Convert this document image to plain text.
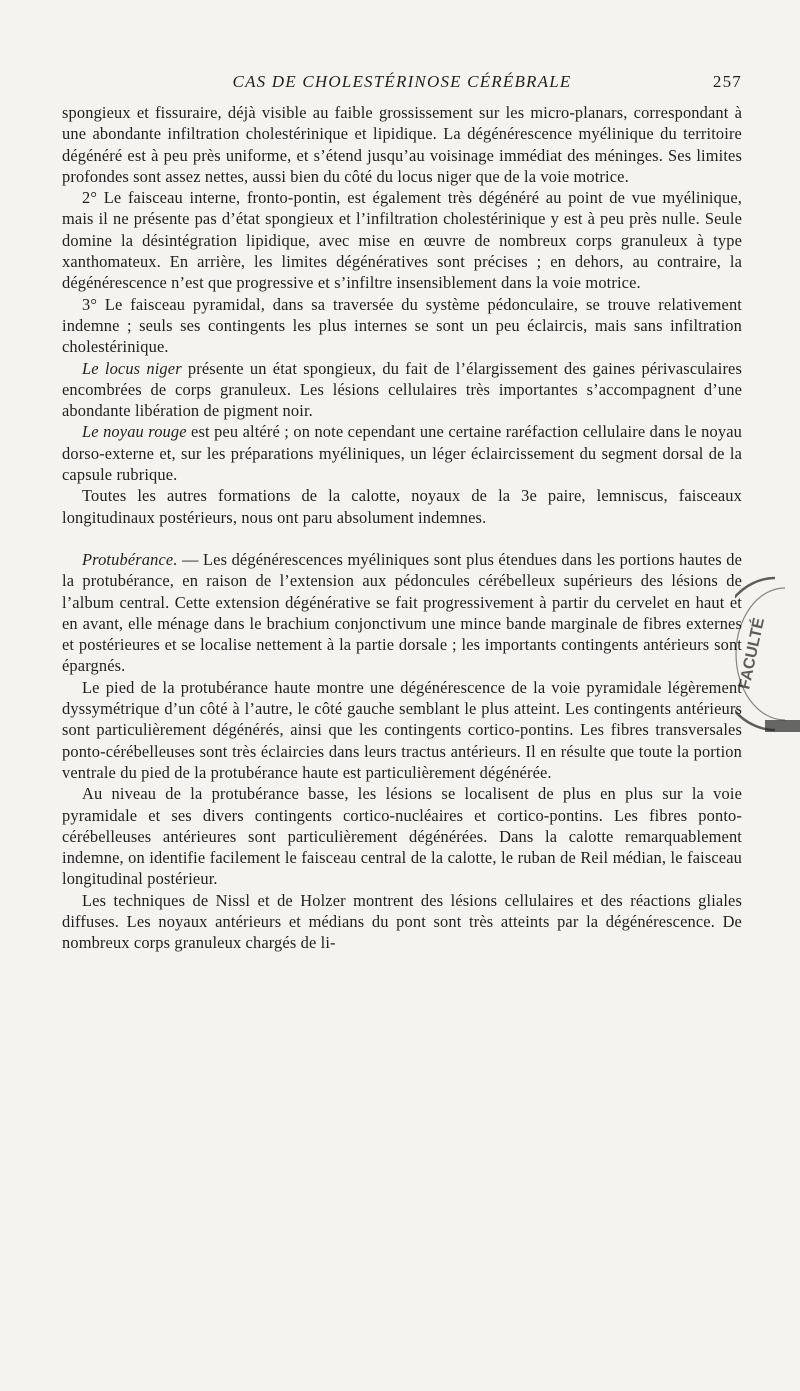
CAS DE CHOLESTÉRINOSE CÉRÉBRALE	257

spongieux et fissuraire, déjà visible au faible grossissement sur les micro-planars, correspondant à une abondante infiltration cholestérinique et lipidique. La dégénérescence myélinique du territoire dégénéré est à peu près uniforme, et s’étend jusqu’au voisinage immédiat des méninges. Ses limites profondes sont assez nettes, aussi bien du côté du locus niger que de la voie motrice.

2° Le faisceau interne, fronto-pontin, est également très dégénéré au point de vue myélinique, mais il ne présente pas d’état spongieux et l’infiltration cholestérinique y est à peu près nulle. Seule domine la désintégration lipidique, avec mise en œuvre de nombreux corps granuleux à type xanthomateux. En arrière, les limites dégénératives sont précises ; en dehors, au contraire, la dégénérescence n’est que progressive et s’infiltre insensiblement dans la voie motrice.

3° Le faisceau pyramidal, dans sa traversée du système pédonculaire, se trouve relativement indemne ; seuls ses contingents les plus internes se sont un peu éclaircis, mais sans infiltration cholestérinique.

Le locus niger présente un état spongieux, du fait de l’élargissement des gaines périvasculaires encombrées de corps granuleux. Les lésions cellulaires très importantes s’accompagnent d’une abondante libération de pigment noir.

Le noyau rouge est peu altéré ; on note cependant une certaine raréfaction cellulaire dans le noyau dorso-externe et, sur les préparations myéliniques, un léger éclaircissement du segment dorsal de la capsule rubrique.

Toutes les autres formations de la calotte, noyaux de la 3e paire, lemniscus, faisceaux longitudinaux postérieurs, nous ont paru absolument indemnes.

Protubérance. — Les dégénérescences myéliniques sont plus étendues dans les portions hautes de la protubérance, en raison de l’extension aux pédoncules cérébelleux supérieurs des lésions de l’album central. Cette extension dégénérative se fait progressivement à partir du cervelet en haut et en avant, elle ménage dans le brachium conjonctivum une mince bande marginale de fibres externes et postérieures et se localise nettement à la partie dorsale ; les importants contingents antérieurs sont épargnés.

Le pied de la protubérance haute montre une dégénérescence de la voie pyramidale légèrement dyssymétrique d’un côté à l’autre, le côté gauche semblant le plus atteint. Les contingents antérieurs sont particulièrement dégénérés, ainsi que les contingents cortico-pontins. Les fibres transversales ponto-cérébelleuses sont très éclaircies dans leurs tractus antérieurs. Il en résulte que toute la portion ventrale du pied de la protubérance haute est particulièrement dégénérée.

Au niveau de la protubérance basse, les lésions se localisent de plus en plus sur la voie pyramidale et ses divers contingents cortico-nucléaires et cortico-pontins. Les fibres ponto-cérébelleuses antérieures sont particulièrement dégénérées. Dans la calotte remarquablement indemne, on identifie facilement le faisceau central de la calotte, le ruban de Reil médian, le faisceau longitudinal postérieur.

Les techniques de Nissl et de Holzer montrent des lésions cellulaires et des réactions gliales diffuses. Les noyaux antérieurs et médians du pont sont très atteints par la dégénérescence. De nombreux corps granuleux chargés de li-

FACULTÉ
